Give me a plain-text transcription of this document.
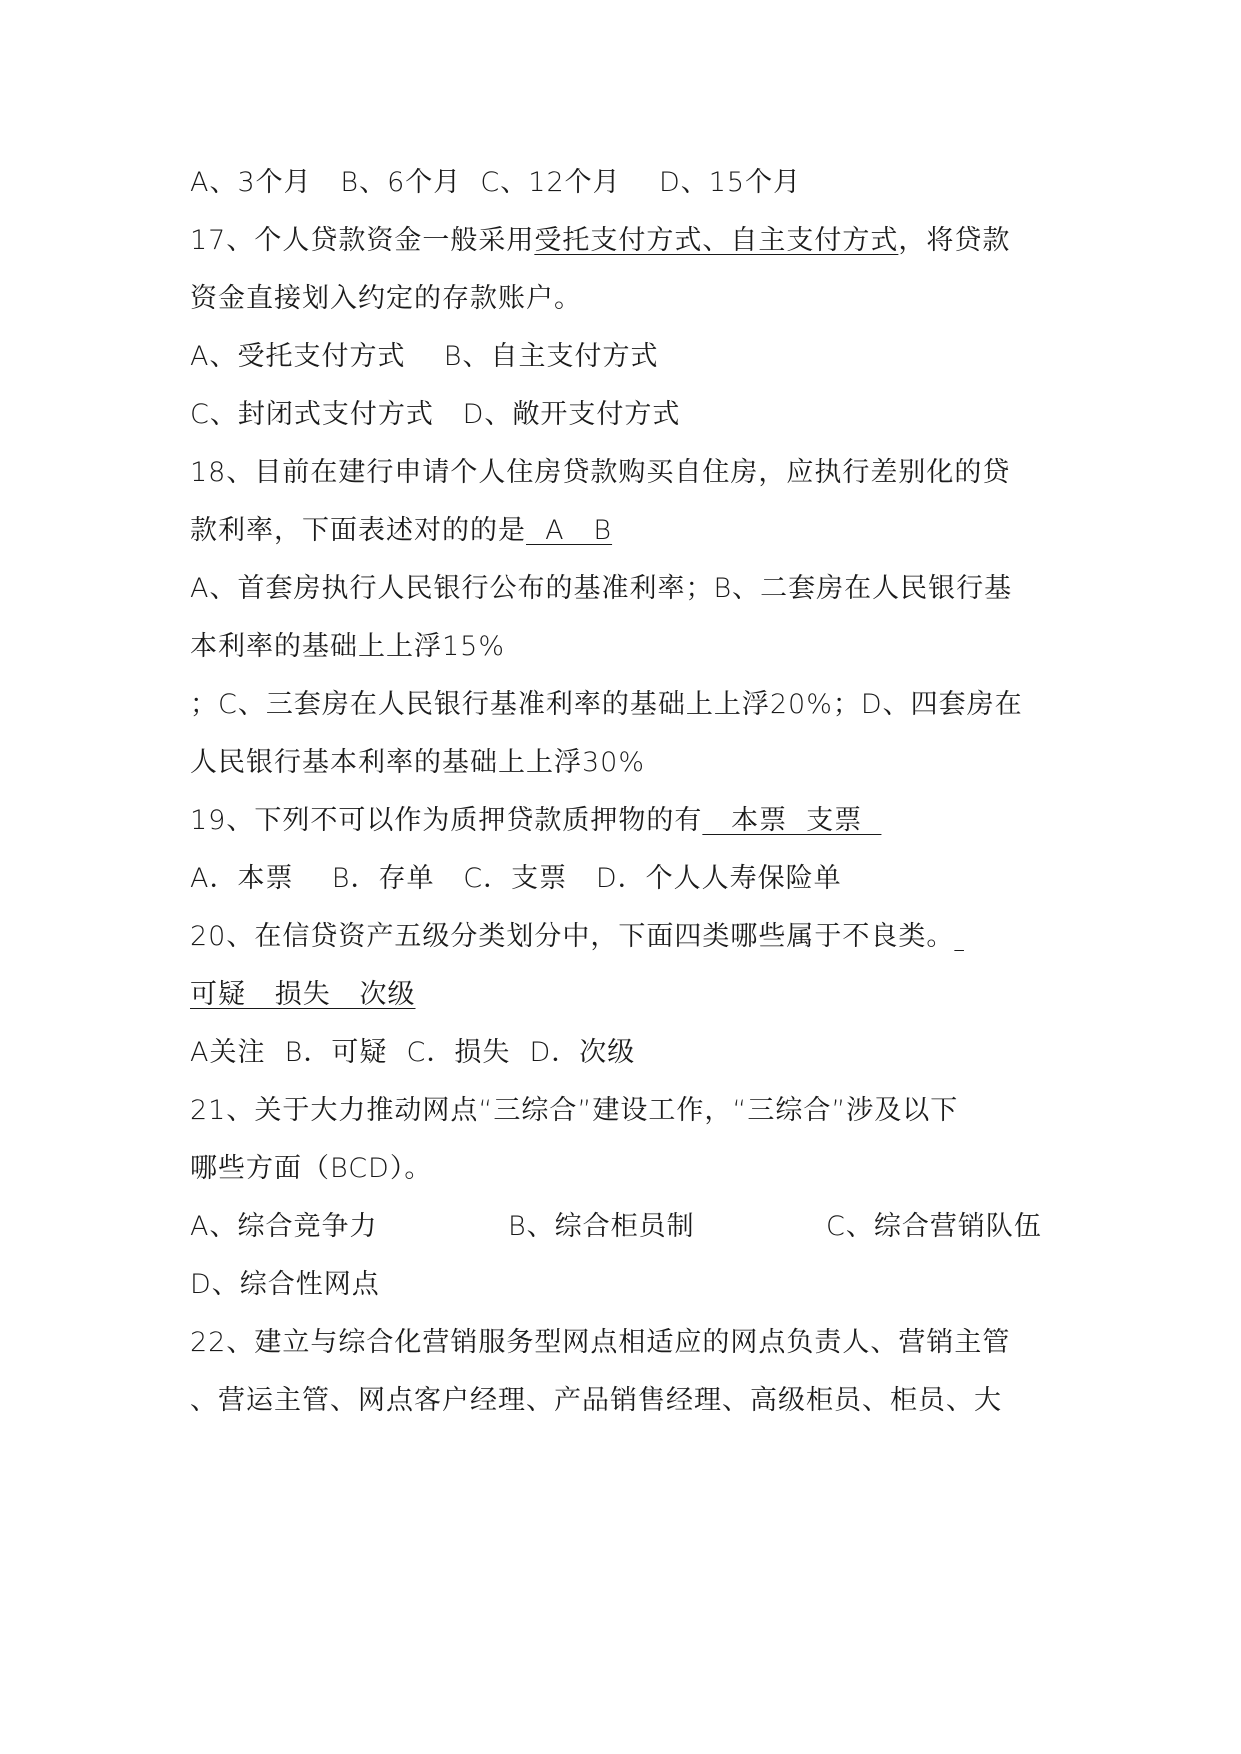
A、3个月   B、6个月  C、12个月    D、15个月
17、个人贷款资金一般采用受托支付方式、自主支付方式，将贷款
资金直接划入约定的存款账户。
A、受托支付方式    B、自主支付方式
C、封闭式支付方式   D、敞开支付方式
18、目前在建行申请个人住房贷款购买自住房，应执行差别化的贷
款利率，下面表述对的的是  A   B
A、首套房执行人民银行公布的基准利率；B、二套房在人民银行基
本利率的基础上上浮15%
；C、三套房在人民银行基准利率的基础上上浮20%；D、四套房在
人民银行基本利率的基础上上浮30%
19、下列不可以作为质押贷款质押物的有   本票  支票
A．本票    B．存单   C．支票   D．个人人寿保险单
20、在信贷资产五级分类划分中，下面四类哪些属于不良类。
可疑   损失   次级
A关注  B．可疑  C．损失  D．次级
21、关于大力推动网点“三综合”建设工作，“三综合”涉及以下
哪些方面（BCD）。
A、综合竞争力	B、综合柜员制	C、综合营销队伍
D、综合性网点
22、建立与综合化营销服务型网点相适应的网点负责人、营销主管
、营运主管、网点客户经理、产品销售经理、高级柜员、柜员、大
